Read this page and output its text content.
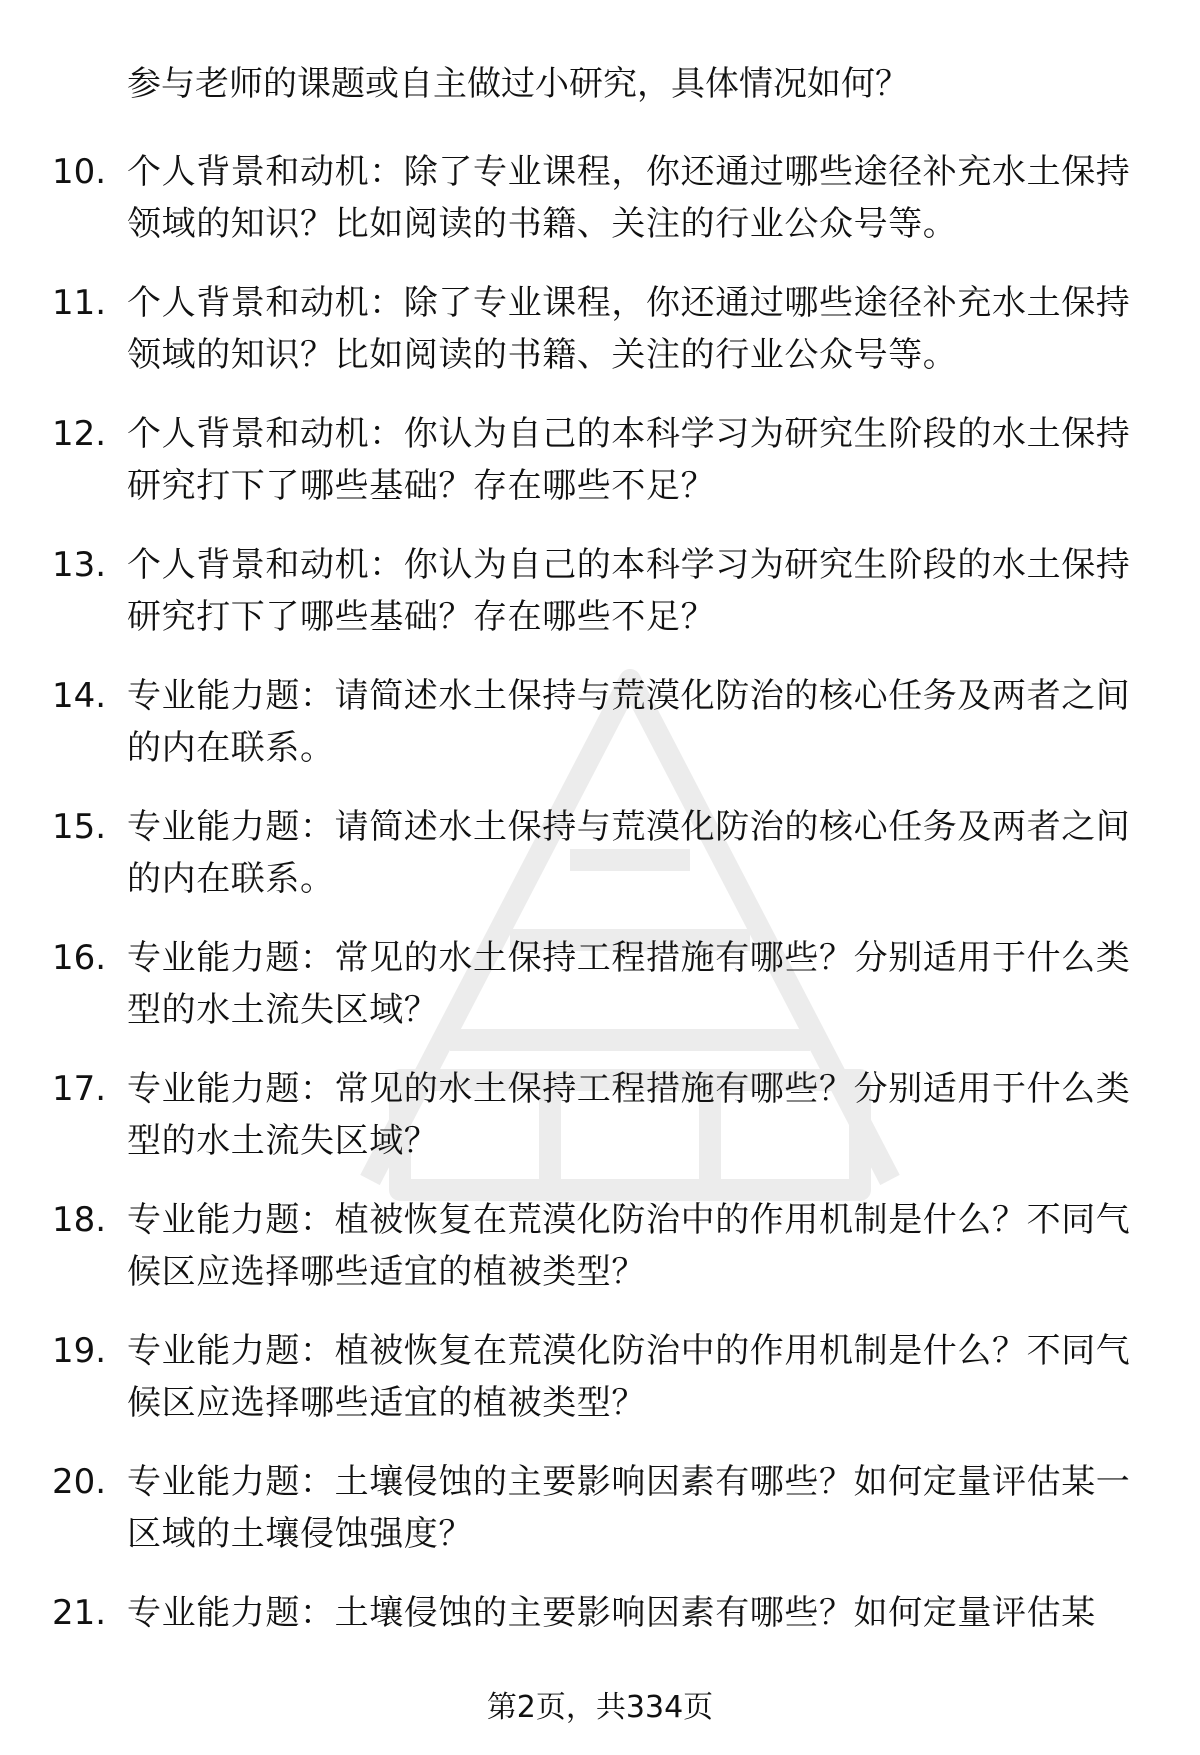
参与老师的课题或自主做过小研究，具体情况如何？
10. 个人背景和动机：除了专业课程，你还通过哪些途径补充水土保持领域的知识？比如阅读的书籍、关注的行业公众号等。
11. 个人背景和动机：除了专业课程，你还通过哪些途径补充水土保持领域的知识？比如阅读的书籍、关注的行业公众号等。
12. 个人背景和动机：你认为自己的本科学习为研究生阶段的水土保持研究打下了哪些基础？存在哪些不足？
13. 个人背景和动机：你认为自己的本科学习为研究生阶段的水土保持研究打下了哪些基础？存在哪些不足？
14. 专业能力题：请简述水土保持与荒漠化防治的核心任务及两者之间的内在联系。
15. 专业能力题：请简述水土保持与荒漠化防治的核心任务及两者之间的内在联系。
16. 专业能力题：常见的水土保持工程措施有哪些？分别适用于什么类型的水土流失区域？
17. 专业能力题：常见的水土保持工程措施有哪些？分别适用于什么类型的水土流失区域？
18. 专业能力题：植被恢复在荒漠化防治中的作用机制是什么？不同气候区应选择哪些适宜的植被类型？
19. 专业能力题：植被恢复在荒漠化防治中的作用机制是什么？不同气候区应选择哪些适宜的植被类型？
20. 专业能力题：土壤侵蚀的主要影响因素有哪些？如何定量评估某一区域的土壤侵蚀强度？
21. 专业能力题：土壤侵蚀的主要影响因素有哪些？如何定量评估某
第2页，共334页
